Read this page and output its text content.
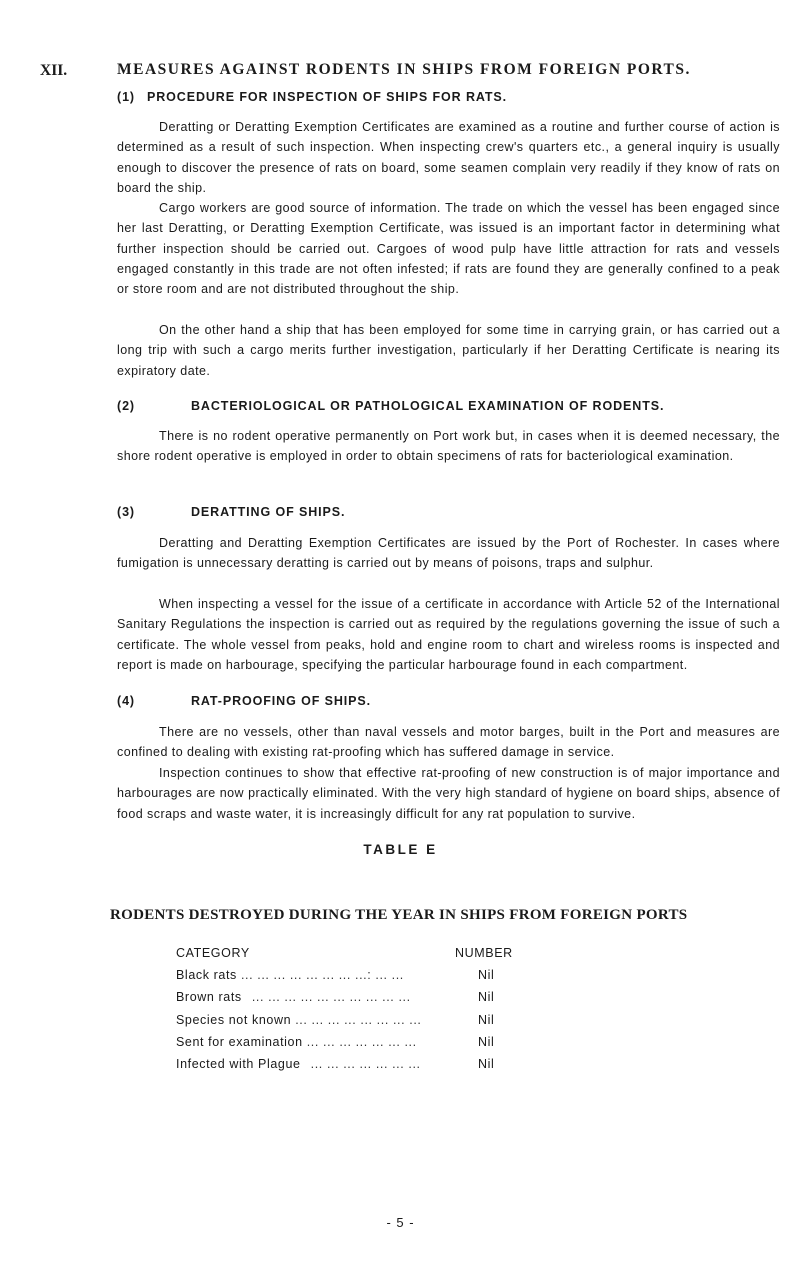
XII.	MEASURES AGAINST RODENTS IN SHIPS FROM FOREIGN PORTS.
(1) PROCEDURE FOR INSPECTION OF SHIPS FOR RATS.

Deratting or Deratting Exemption Certificates are examined as a routine and further course of action is determined as a result of such inspection. When inspecting crew's quarters etc., a general inquiry is usually enough to discover the presence of rats on board, some seamen complain very readily if they know of rats on board the ship.

Cargo workers are good source of information. The trade on which the vessel has been engaged since her last Deratting, or Deratting Exemption Certificate, was issued is an important factor in determining what further inspection should be carried out. Cargoes of wood pulp have little attraction for rats and vessels engaged constantly in this trade are not often infested; if rats are found they are generally confined to a peak or store room and are not distributed throughout the ship.

On the other hand a ship that has been employed for some time in carrying grain, or has carried out a long trip with such a cargo merits further investigation, particularly if her Deratting Certificate is nearing its expiratory date.

(2)	BACTERIOLOGICAL OR PATHOLOGICAL EXAMINATION OF RODENTS.

There is no rodent operative permanently on Port work but, in cases when it is deemed necessary, the shore rodent operative is employed in order to obtain specimens of rats for bacteriological examination.

(3)	DERATTING OF SHIPS.

Deratting and Deratting Exemption Certificates are issued by the Port of Rochester. In cases where fumigation is unnecessary deratting is carried out by means of poisons, traps and sulphur.

When inspecting a vessel for the issue of a certificate in accordance with Article 52 of the International Sanitary Regulations the inspection is carried out as required by the regulations governing the issue of such a certificate. The whole vessel from peaks, hold and engine room to chart and wireless rooms is inspected and report is made on harbourage, specifying the particular harbourage found in each compartment.

(4)	RAT-PROOFING OF SHIPS.

There are no vessels, other than naval vessels and motor barges, built in the Port and measures are confined to dealing with existing rat-proofing which has suffered damage in service.

Inspection continues to show that effective rat-proofing of new construction is of major importance and harbourages are now practically eliminated. With the very high standard of hygiene on board ships, absence of food scraps and waste water, it is increasingly difficult for any rat population to survive.

TABLE E
RODENTS DESTROYED DURING THE YEAR IN SHIPS FROM FOREIGN PORTS
CATEGORY	NUMBER
Black rats ... ... ... ... ... ... ... ...: ... ...	Nil
Brown rats ... ... ... ... ... ... ... ... ... ...	Nil
Species not known ... ... ... ... ... ... ... ...	Nil
Sent for examination ... ... ... ... ... ... ...	Nil
Infected with Plague ... ... ... ... ... ... ...	Nil
- 5 -
